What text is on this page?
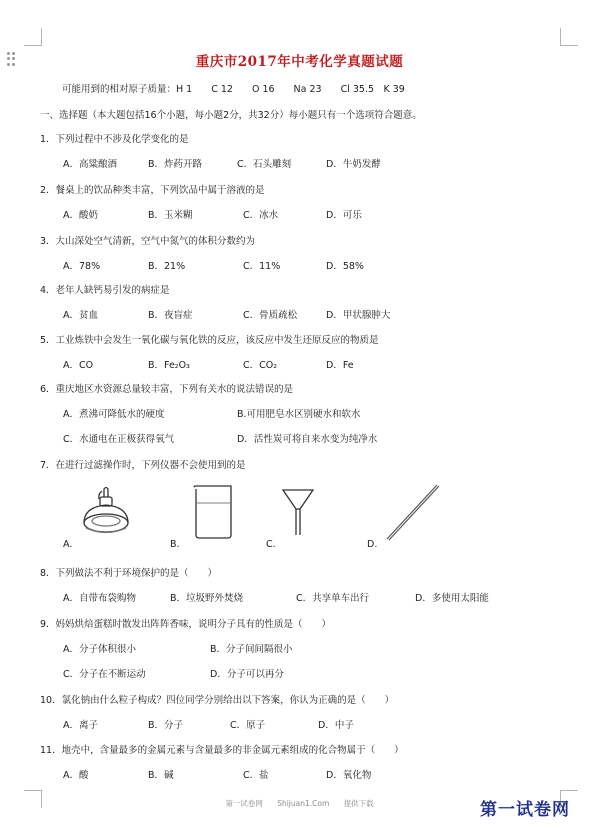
重庆市2017年中考化学真题试题
可能用到的相对原子质量：H 1　　C 12　　O 16　　Na 23　　Cl 35.5　K 39
一、选择题（本大题包括16个小题，每小题2分，共32分）每小题只有一个选项符合题意。
1．下列过程中不涉及化学变化的是
A．高粱酿酒	B．炸药开路	C．石头雕刻	D．牛奶发酵
2．餐桌上的饮品种类丰富，下列饮品中属于溶液的是
A．酸奶	B．玉米糊	C．冰水	D．可乐
3．大山深处空气清新，空气中氮气的体积分数约为
A．78%	B．21%	C．11%	D．58%
4．老年人缺钙易引发的病症是
A．贫血	B．夜盲症	C．骨质疏松	D．甲状腺肿大
5．工业炼铁中会发生一氧化碳与氧化铁的反应，该反应中发生还原反应的物质是
A．CO	B．Fe₂O₃	C．CO₂	D．Fe
6．重庆地区水资源总量较丰富，下列有关水的说法错误的是
A．煮沸可降低水的硬度	B.可用肥皂水区别硬水和软水
C．水通电在正极获得氧气	D．活性炭可将自来水变为纯净水
7．在进行过滤操作时，下列仪器不会使用到的是
A.	B.	C.	D.
8．下列做法不利于环境保护的是（　　）
A．自带布袋购物	B．垃圾野外焚烧	C．共享单车出行	D．多使用太阳能
9．妈妈烘焙蛋糕时散发出阵阵香味，说明分子具有的性质是（　　）
A．分子体积很小	B．分子间间隔很小
C．分子在不断运动	D．分子可以再分
10．氯化钠由什么粒子构成？四位同学分别给出以下答案，你认为正确的是（　　）
A．离子	B．分子	C．原子	D．中子
11．地壳中，含量最多的金属元素与含量最多的非金属元素组成的化合物属于（　　）
A．酸	B．碱	C．盐	D．氧化物
第一试卷网 Shijuan1.Com 提供下载	第一试卷网
